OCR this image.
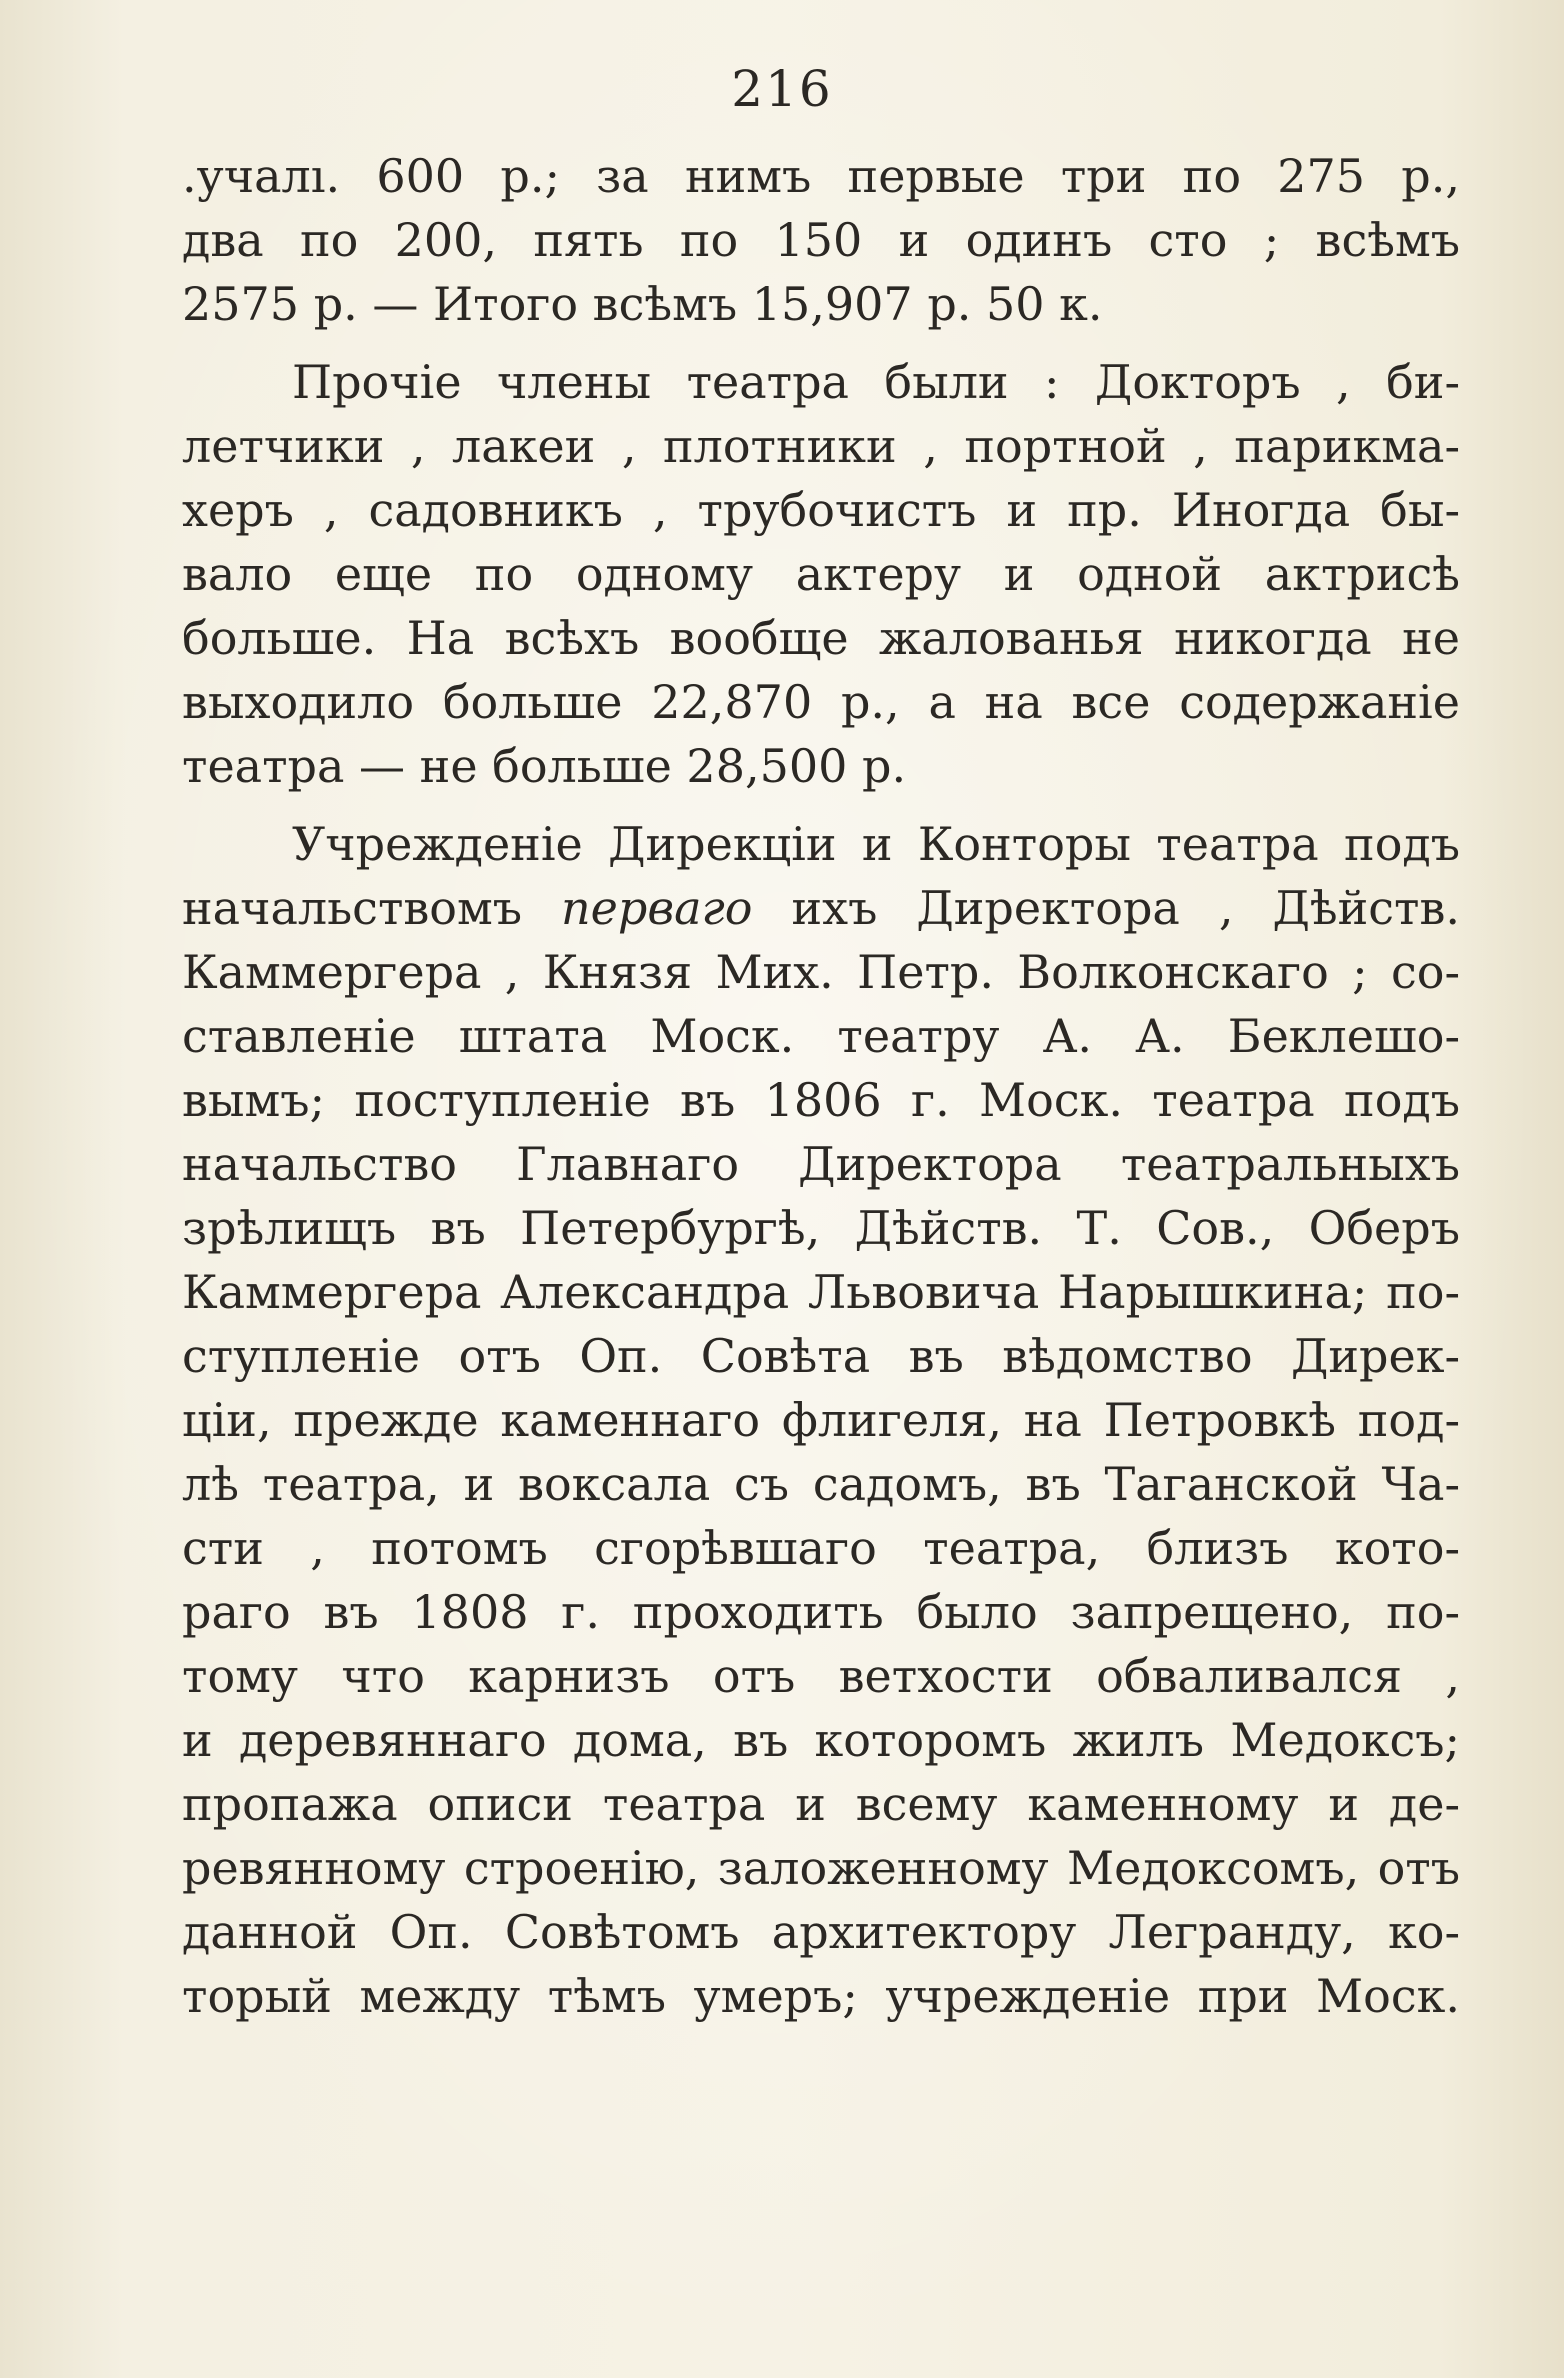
216
.учалı. 600 р.; за нимъ первые три по 275 р.,
два по 200, пять по 150 и одинъ сто ; всѣмъ
2575 р. — Итого всѣмъ 15,907 р. 50 к.
Прочіе члены театра были : Докторъ , би-
летчики , лакеи , плотники , портной , парикма-
херъ , садовникъ , трубочистъ и пр. Иногда бы-
вало еще по одному актеру и одной актрисѣ
больше. На всѣхъ вообще жалованья никогда не
выходило больше 22,870 р., а на все содержаніе
театра — не больше 28,500 р.
Учрежденіе Дирекціи и Конторы театра подъ
начальствомъ перваго ихъ Директора , Дѣйств.
Каммергера , Князя Мих. Петр. Волконскаго ; со-
ставленіе штата Моск. театру А. А. Беклешо-
вымъ; поступленіе въ 1806 г. Моск. театра подъ
начальство Главнаго Директора театральныхъ
зрѣлищъ въ Петербургѣ, Дѣйств. Т. Сов., Оберъ
Каммергера Александра Львовича Нарышкина; по-
ступленіе отъ Оп. Совѣта въ вѣдомство Дирек-
ціи, прежде каменнаго флигеля, на Петровкѣ под-
лѣ театра, и воксала съ садомъ, въ Таганской Ча-
сти , потомъ сгорѣвшаго театра, близъ кото-
раго въ 1808 г. проходить было запрещено, по-
тому что карнизъ отъ ветхости обваливался ,
и деревяннаго дома, въ которомъ жилъ Медоксъ;
пропажа описи театра и всему каменному и де-
ревянному строенію, заложенному Медоксомъ, отъ
данной Оп. Совѣтомъ архитектору Легранду, ко-
торый между тѣмъ умеръ; учрежденіе при Моск.
